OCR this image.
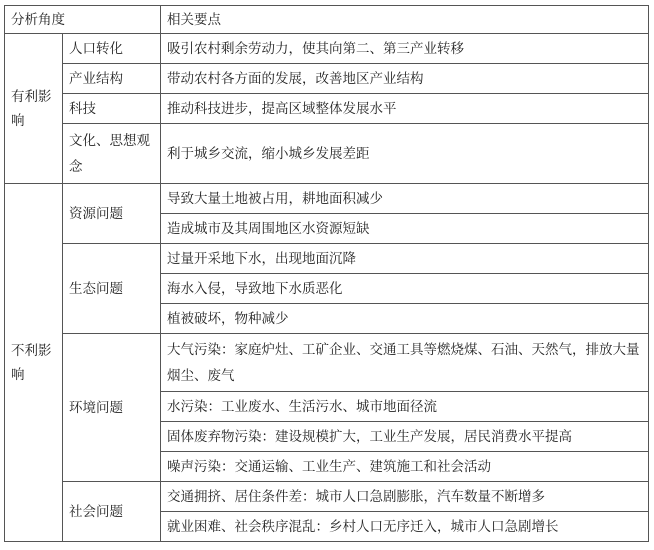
分析角度		相关要点
有利影响	人口转化	吸引农村剩余劳动力，使其向第二、第三产业转移
	产业结构	带动农村各方面的发展，改善地区产业结构
	科技	推动科技进步，提高区域整体发展水平
	文化、思想观念	利于城乡交流，缩小城乡发展差距
不利影响	资源问题	导致大量土地被占用，耕地面积减少
		造成城市及其周围地区水资源短缺
	生态问题	过量开采地下水，出现地面沉降
		海水入侵，导致地下水质恶化
		植被破坏，物种减少
	环境问题	大气污染：家庭炉灶、工矿企业、交通工具等燃烧煤、石油、天然气，排放大量烟尘、废气
		水污染：工业废水、生活污水、城市地面径流
		固体废弃物污染：建设规模扩大，工业生产发展，居民消费水平提高
		噪声污染：交通运输、工业生产、建筑施工和社会活动
	社会问题	交通拥挤、居住条件差：城市人口急剧膨胀，汽车数量不断增多
		就业困难、社会秩序混乱：乡村人口无序迁入，城市人口急剧增长
